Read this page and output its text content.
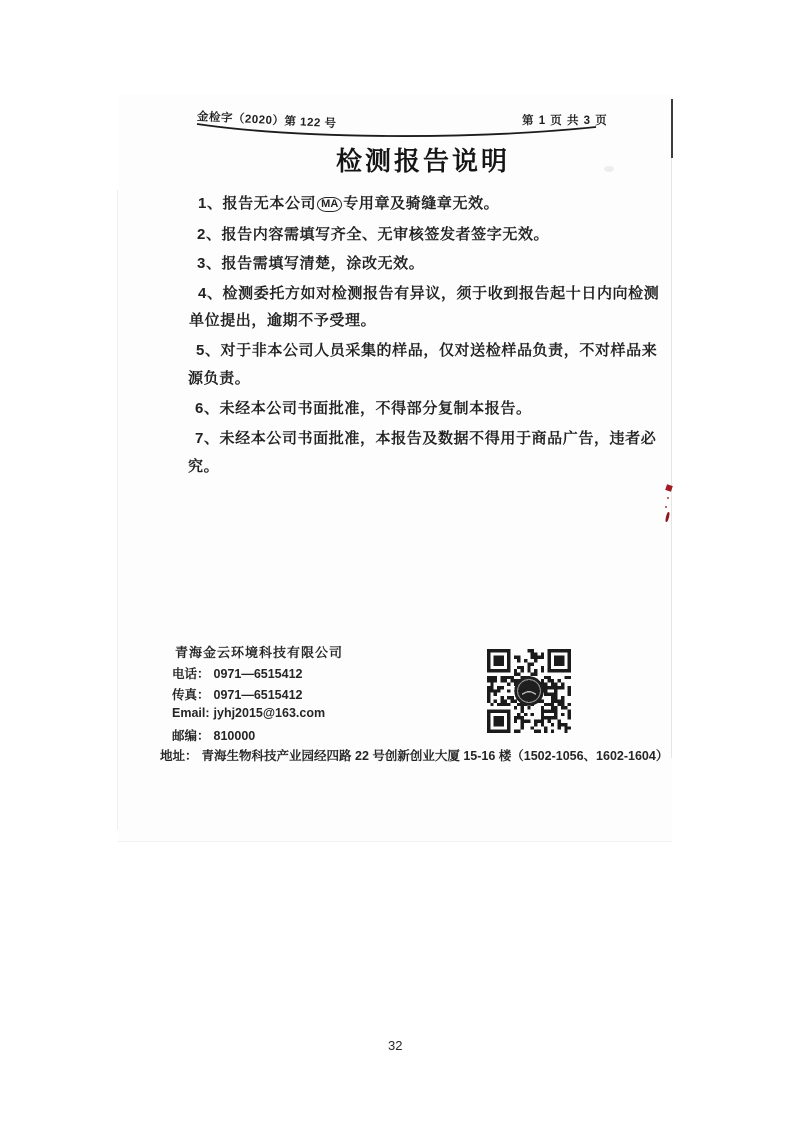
金检字（2020）第 122 号	第 1 页 共 3 页
检测报告说明
1、报告无本公司 MA 专用章及骑缝章无效。
2、报告内容需填写齐全、无审核签发者签字无效。
3、报告需填写清楚，涂改无效。
4、检测委托方如对检测报告有异议，须于收到报告起十日内向检测
单位提出，逾期不予受理。
5、对于非本公司人员采集的样品，仅对送检样品负责，不对样品来
源负责。
6、未经本公司书面批准，不得部分复制本报告。
7、未经本公司书面批准，本报告及数据不得用于商品广告，违者必
究。
青海金云环境科技有限公司
电话： 0971—6515412
传真： 0971—6515412
Email: jyhj2015@163.com
邮编： 810000
地址： 青海生物科技产业园经四路 22 号创新创业大厦 15-16 楼（1502-1056、1602-1604）
32
